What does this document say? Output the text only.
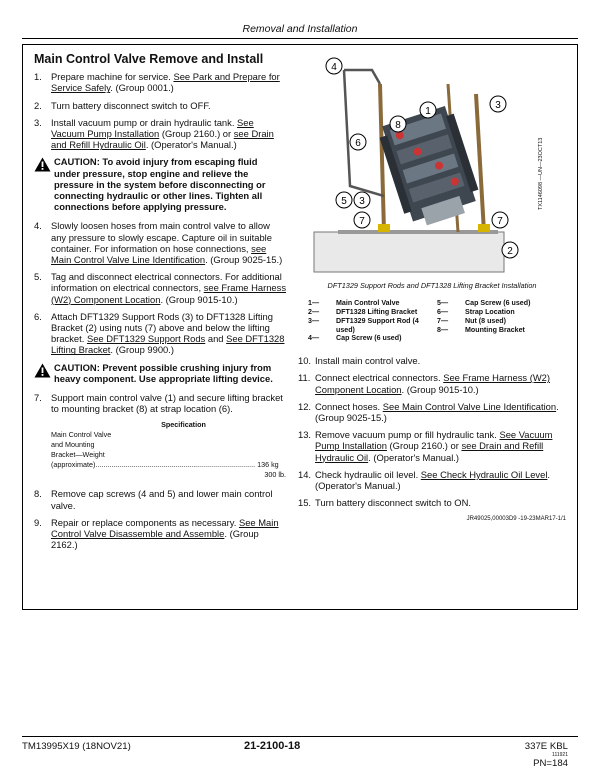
Removal and Installation
Main Control Valve Remove and Install
1. Prepare machine for service. See Park and Prepare for Service Safely. (Group 0001.)
2. Turn battery disconnect switch to OFF.
3. Install vacuum pump or drain hydraulic tank. See Vacuum Pump Installation (Group 2160.) or see Drain and Refill Hydraulic Oil. (Operator's Manual.)
CAUTION: To avoid injury from escaping fluid under pressure, stop engine and relieve the pressure in the system before disconnecting or connecting hydraulic or other lines. Tighten all connections before applying pressure.
4. Slowly loosen hoses from main control valve to allow any pressure to slowly escape. Capture oil in suitable container. For information on hose connections, see Main Control Valve Line Identification. (Group 9025-15.)
5. Tag and disconnect electrical connectors. For additional information on electrical connectors, see Frame Harness (W2) Component Location. (Group 9015-10.)
6. Attach DFT1329 Support Rods (3) to DFT1328 Lifting Bracket (2) using nuts (7) above and below the lifting bracket. See DFT1329 Support Rods and See DFT1328 Lifting Bracket. (Group 9900.)
CAUTION: Prevent possible crushing injury from heavy component. Use appropriate lifting device.
7. Support main control valve (1) and secure lifting bracket to mounting bracket (8) at strap location (6).
Specification
Main Control Valve
and Mounting
Bracket—Weight
(approximate)................................................................................ 136 kg
300 lb.
8. Remove cap screws (4 and 5) and lower main control valve.
9. Repair or replace components as necessary. See Main Control Valve Disassemble and Assemble. (Group 2162.)
4
3
1
8
6
5 3
7	7
2
DFT1329 Support Rods and DFT1328 Lifting Bracket Installation
1— Main Control Valve
2— DFT1328 Lifting Bracket
3— DFT1329 Support Rod (4 used)
4— Cap Screw (6 used)
5— Cap Screw (6 used)
6— Strap Location
7— Nut (8 used)
8— Mounting Bracket
10. Install main control valve.
11. Connect electrical connectors. See Frame Harness (W2) Component Location. (Group 9015-10.)
12. Connect hoses. See Main Control Valve Line Identification. (Group 9025-15.)
13. Remove vacuum pump or fill hydraulic tank. See Vacuum Pump Installation (Group 2160.) or see Drain and Refill Hydraulic Oil. (Operator's Manual.)
14. Check hydraulic oil level. See Check Hydraulic Oil Level. (Operator's Manual.)
15. Turn battery disconnect switch to ON.
JR49025,00003D9 -19-23MAR17-1/1
TX1146098 —UN—23OCT13
TM13995X19 (18NOV21)	21-2100-18	337E KBL
111921
PN=184
